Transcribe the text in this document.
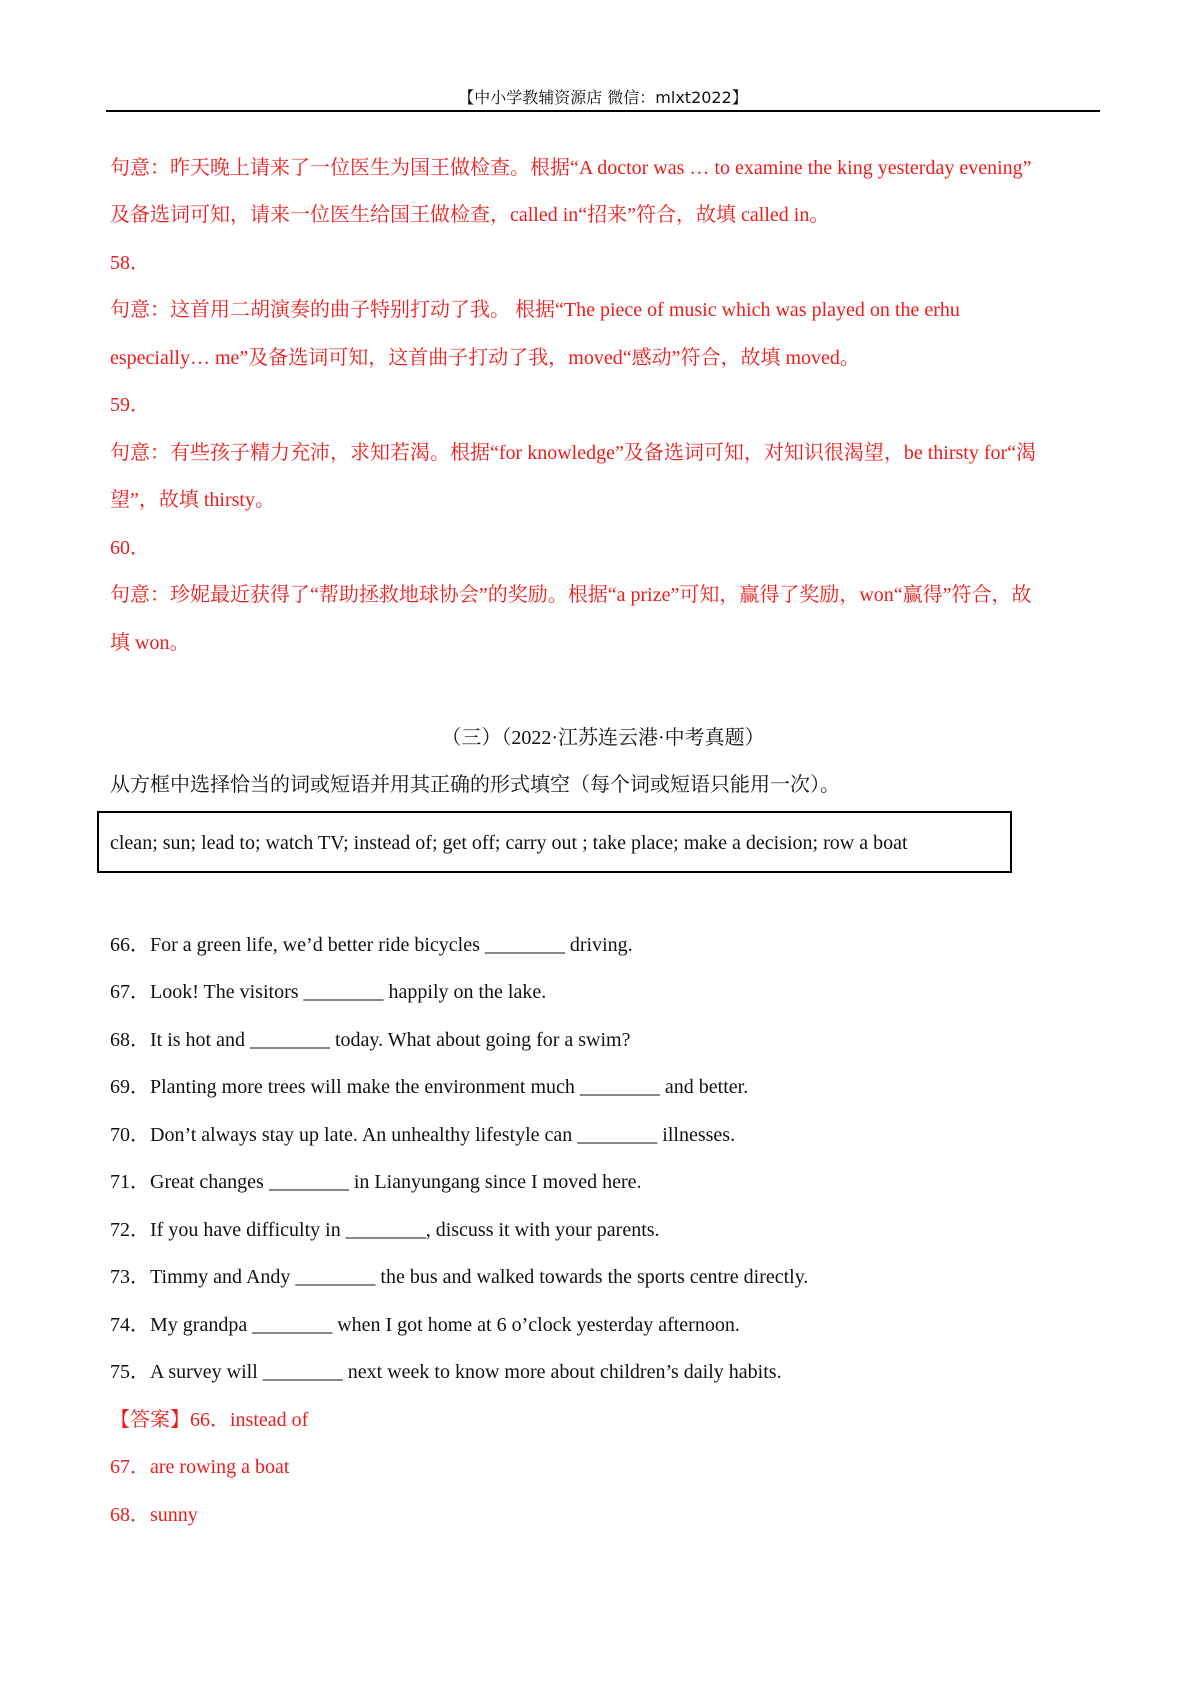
【中小学教辅资源店 微信：mlxt2022】
句意：昨天晚上请来了一位医生为国王做检查。根据“A doctor was … to examine the king yesterday evening”
及备选词可知，请来一位医生给国王做检查，called in“招来”符合，故填 called in。
58．
句意：这首用二胡演奏的曲子特别打动了我。 根据“The piece of music which was played on the erhu
especially… me”及备选词可知，这首曲子打动了我，moved“感动”符合，故填 moved。
59．
句意：有些孩子精力充沛，求知若渴。根据“for knowledge”及备选词可知，对知识很渴望，be thirsty for“渴
望”，故填 thirsty。
60．
句意：珍妮最近获得了“帮助拯救地球协会”的奖励。根据“a prize”可知，赢得了奖励，won“赢得”符合，故
填 won。
（三）（2022·江苏连云港·中考真题）
从方框中选择恰当的词或短语并用其正确的形式填空（每个词或短语只能用一次）。
clean; sun; lead to; watch TV; instead of; get off; carry out ; take place; make a decision; row a boat
66．For a green life, we’d better ride bicycles ________ driving.
67．Look! The visitors ________ happily on the lake.
68．It is hot and ________ today. What about going for a swim?
69．Planting more trees will make the environment much ________ and better.
70．Don’t always stay up late. An unhealthy lifestyle can ________ illnesses.
71．Great changes ________ in Lianyungang since I moved here.
72．If you have difficulty in ________, discuss it with your parents.
73．Timmy and Andy ________ the bus and walked towards the sports centre directly.
74．My grandpa ________ when I got home at 6 o’clock yesterday afternoon.
75．A survey will ________ next week to know more about children’s daily habits.
【答案】66．instead of
67．are rowing a boat
68．sunny
